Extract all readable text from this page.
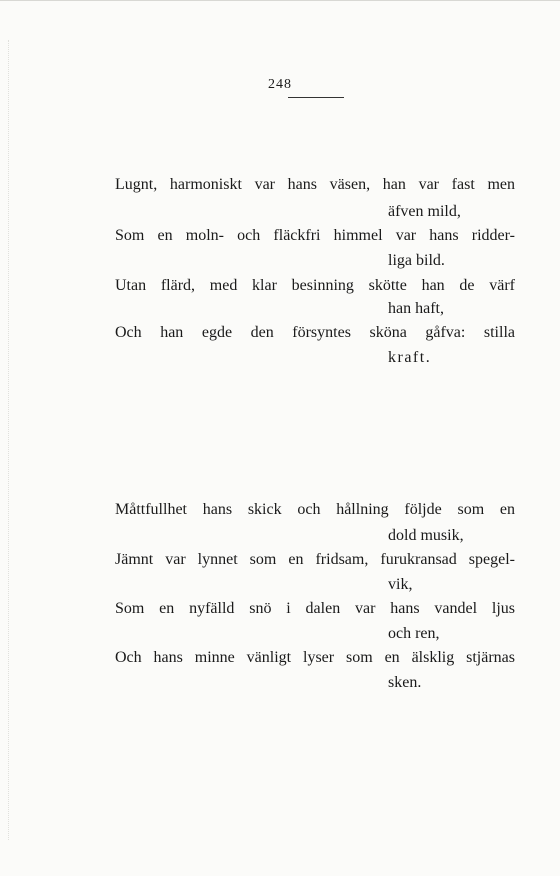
248
Lugnt, harmoniskt var hans väsen, han var fast men
äfven mild,
Som en moln- och fläckfri himmel var hans ridder-
liga bild.
Utan flärd, med klar besinning skötte han de värf
han haft,
Och han egde den försyntes sköna gåfva: stilla
kraft.
Måttfullhet hans skick och hållning följde som en
dold musik,
Jämnt var lynnet som en fridsam, furukransad spegel-
vik,
Som en nyfälld snö i dalen var hans vandel ljus
och ren,
Och hans minne vänligt lyser som en älsklig stjärnas
sken.
